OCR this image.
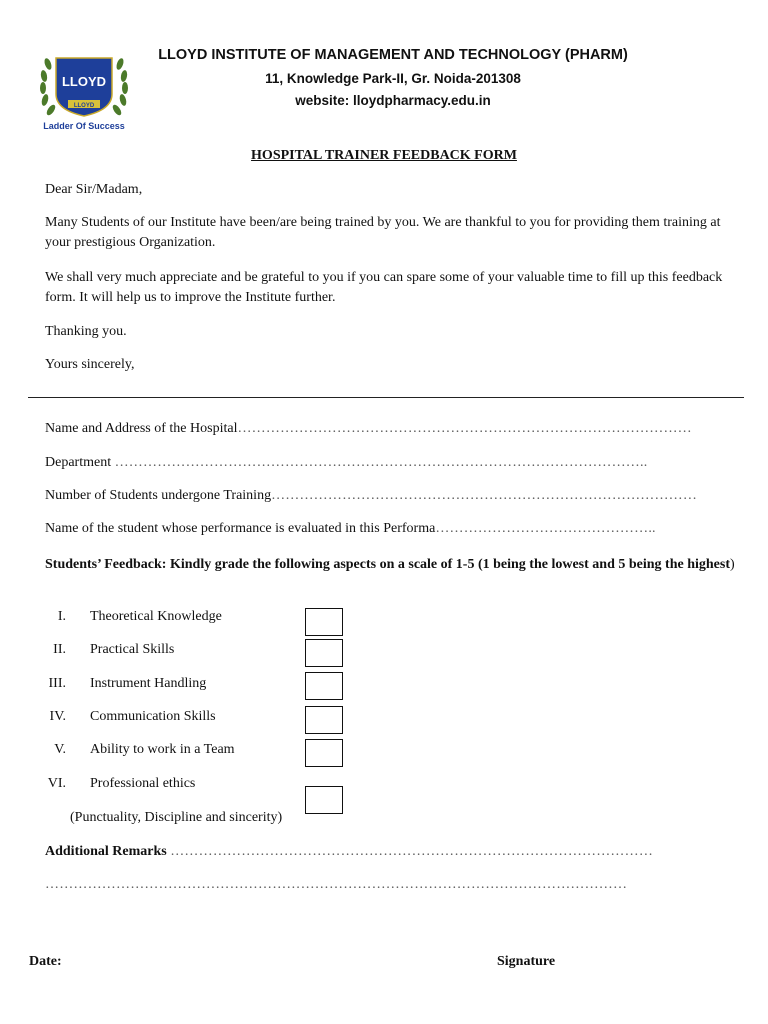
LLOYD
LLOYD
Ladder Of Success
LLOYD INSTITUTE OF MANAGEMENT AND TECHNOLOGY (PHARM)
11, Knowledge Park-II, Gr. Noida-201308
website: lloydpharmacy.edu.in
HOSPITAL TRAINER FEEDBACK FORM
Dear Sir/Madam,
Many Students of our Institute have been/are being trained by you. We are thankful to you for providing them training at your prestigious Organization.
We shall very much appreciate and be grateful to you if you can spare some of your valuable time to fill up this feedback form. It will help us to improve the Institute further.
Thanking you.
Yours sincerely,
Name and Address of the Hospital……………………………………………………………………………………
Department …………………………………………………………………………………………………..
Number of Students undergone Training………………………………………………………………………………
Name of the student whose performance is evaluated in this Performa………………………………………..
Students’ Feedback: Kindly grade the following aspects on a scale of 1-5 (1 being the lowest and 5 being the highest)
I. Theoretical Knowledge
II. Practical Skills
III. Instrument Handling
IV. Communication Skills
V. Ability to work in a Team
VI. Professional ethics
(Punctuality, Discipline and sincerity)
Additional Remarks …………………………………………………………………………………………
……………………………………………………………………………………………………………
Date:	Signature
